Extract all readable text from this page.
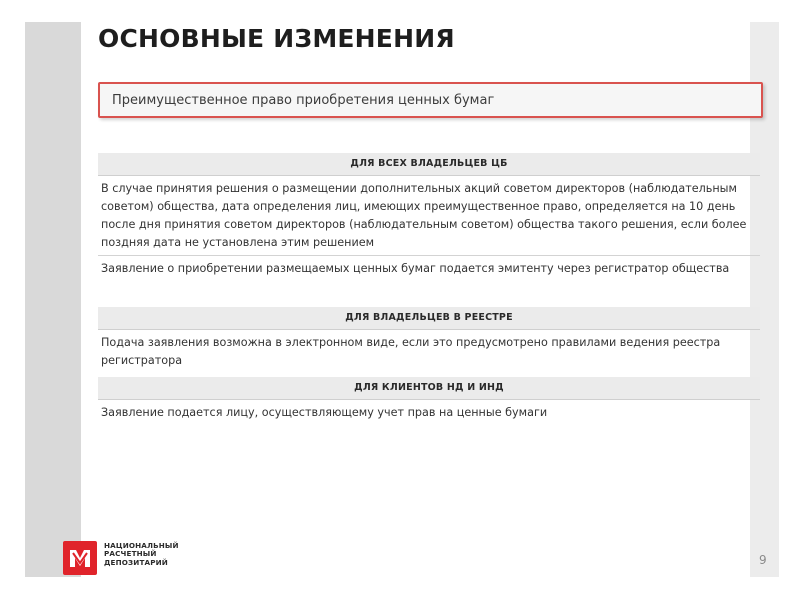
ОСНОВНЫЕ ИЗМЕНЕНИЯ
Преимущественное право приобретения ценных бумаг
ДЛЯ ВСЕХ ВЛАДЕЛЬЦЕВ ЦБ
В случае принятия решения о размещении дополнительных акций советом директоров (наблюдательным советом) общества, дата определения лиц, имеющих преимущественное право, определяется на 10 день после дня принятия советом директоров (наблюдательным советом) общества такого решения, если более поздняя дата не установлена этим решением
Заявление о приобретении размещаемых ценных бумаг подается эмитенту через регистратор общества
ДЛЯ ВЛАДЕЛЬЦЕВ В РЕЕСТРЕ
Подача заявления возможна в электронном виде, если это предусмотрено правилами ведения реестра регистратора
ДЛЯ КЛИЕНТОВ НД И ИНД
Заявление подается лицу, осуществляющему учет прав на ценные бумаги
НАЦИОНАЛЬНЫЙ
РАСЧЕТНЫЙ
ДЕПОЗИТАРИЙ	9
